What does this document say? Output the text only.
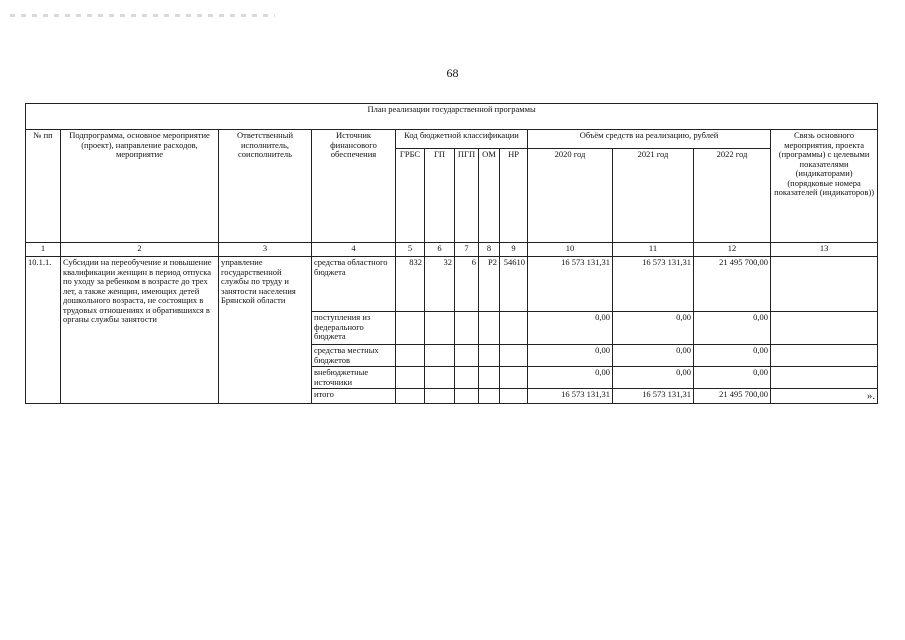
68
План реализации государственной программы												
№ пп	Подпрограмма, основное мероприятие (проект), направление расходов, мероприятие	Ответственный исполнитель, соисполнитель	Источник финансового обеспечения	Код бюджетной классификации					Объём средств на реализацию, рублей			Связь основного мероприятия, проекта (программы) с целевыми показателями (индикаторами) (порядковые номера показателей (индикаторов))
				ГРБС	ГП	ПГП	ОМ	НР	2020 год	2021 год	2022 год	
1	2	3	4	5	6	7	8	9	10	11	12	13
10.1.1.	Субсидии на переобучение и повышение квалификации женщин в период отпуска по уходу за ребенком в возрасте до трех лет, а также женщин, имеющих детей дошкольного возраста, не состоящих в трудовых отношениях и обратившихся в органы службы занятости	управление государственной службы по труду и занятости населения Брянской области	средства областного бюджета	832	32	6	P2	54610	16 573 131,31	16 573 131,31	21 495 700,00	
			поступления из федерального бюджета						0,00	0,00	0,00	
			средства местных бюджетов						0,00	0,00	0,00	
			внебюджетные источники						0,00	0,00	0,00	
			итого						16 573 131,31	16 573 131,31	21 495 700,00	».
